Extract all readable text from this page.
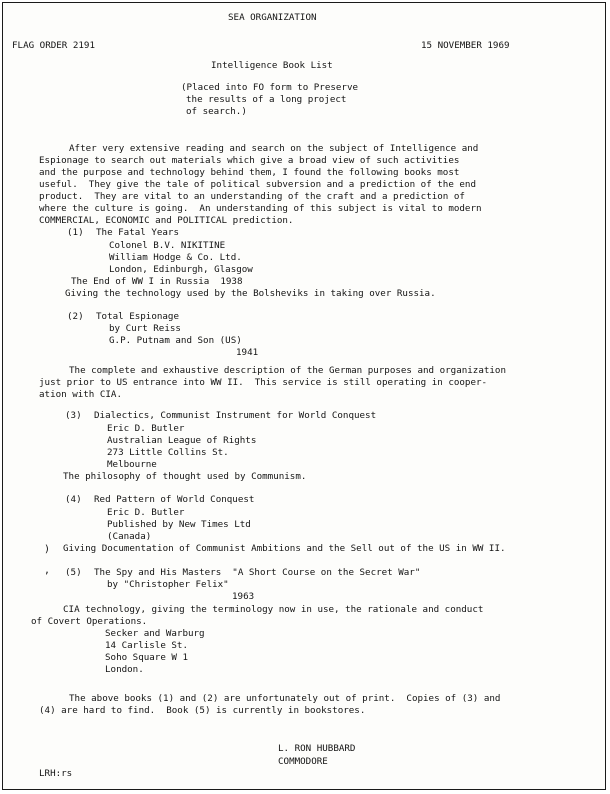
SEA ORGANIZATION
FLAG ORDER 2191	15 NOVEMBER 1969
Intelligence Book List
(Placed into FO form to Preserve
the results of a long project
of search.)
After very extensive reading and search on the subject of Intelligence and
Espionage to search out materials which give a broad view of such activities
and the purpose and technology behind them, I found the following books most
useful.  They give the tale of political subversion and a prediction of the end
product.  They are vital to an understanding of the craft and a prediction of
where the culture is going.  An understanding of this subject is vital to modern
COMMERCIAL, ECONOMIC and POLITICAL prediction.
(1) The Fatal Years
Colonel B.V. NIKITINE
William Hodge & Co. Ltd.
London, Edinburgh, Glasgow
The End of WW I in Russia  1938
Giving the technology used by the Bolsheviks in taking over Russia.
(2) Total Espionage
by Curt Reiss
G.P. Putnam and Son (US)
1941
The complete and exhaustive description of the German purposes and organization
just prior to US entrance into WW II.  This service is still operating in cooper-
ation with CIA.
(3) Dialectics, Communist Instrument for World Conquest
Eric D. Butler
Australian League of Rights
273 Little Collins St.
Melbourne
The philosophy of thought used by Communism.
(4) Red Pattern of World Conquest
Eric D. Butler
Published by New Times Ltd
(Canada)
Giving Documentation of Communist Ambitions and the Sell out of the US in WW II.
(5) The Spy and His Masters  "A Short Course on the Secret War"
by "Christopher Felix"
1963
CIA technology, giving the terminology now in use, the rationale and conduct
of Covert Operations.
Secker and Warburg
14 Carlisle St.
Soho Square W 1
London.
The above books (1) and (2) are unfortunately out of print.  Copies of (3) and
(4) are hard to find.  Book (5) is currently in bookstores.
L. RON HUBBARD
COMMODORE
LRH:rs
)
,
